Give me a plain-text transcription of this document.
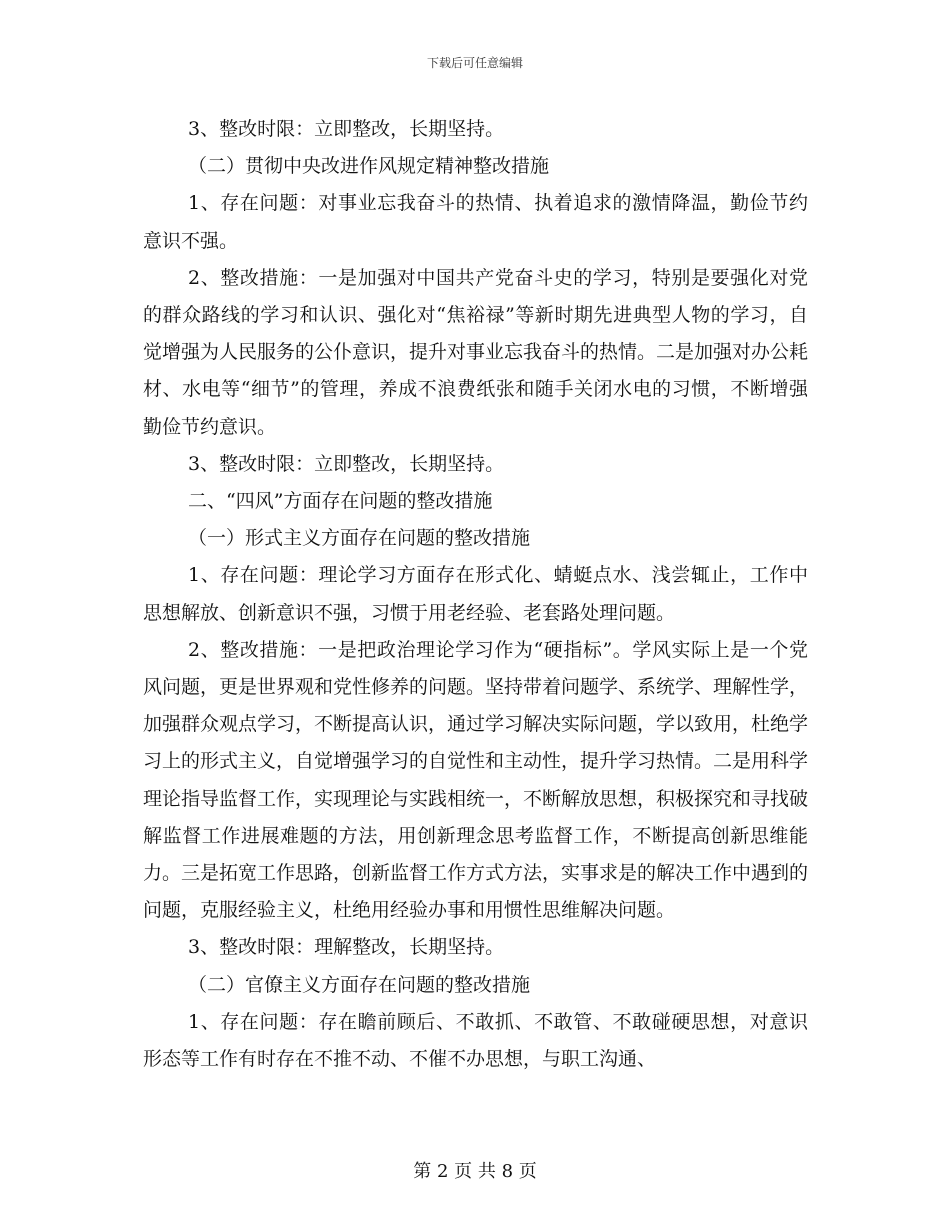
下载后可任意编辑

3、整改时限：立即整改，长期坚持。

（二）贯彻中央改进作风规定精神整改措施

1、存在问题：对事业忘我奋斗的热情、执着追求的激情降温，勤俭节约意识不强。

2、整改措施：一是加强对中国共产党奋斗史的学习，特别是要强化对党的群众路线的学习和认识、强化对“焦裕禄”等新时期先进典型人物的学习，自觉增强为人民服务的公仆意识，提升对事业忘我奋斗的热情。二是加强对办公耗材、水电等“细节”的管理，养成不浪费纸张和随手关闭水电的习惯，不断增强勤俭节约意识。

3、整改时限：立即整改，长期坚持。

二、“四风”方面存在问题的整改措施

（一）形式主义方面存在问题的整改措施

1、存在问题：理论学习方面存在形式化、蜻蜓点水、浅尝辄止，工作中思想解放、创新意识不强，习惯于用老经验、老套路处理问题。

2、整改措施：一是把政治理论学习作为“硬指标”。学风实际上是一个党风问题，更是世界观和党性修养的问题。坚持带着问题学、系统学、理解性学，加强群众观点学习，不断提高认识，通过学习解决实际问题，学以致用，杜绝学习上的形式主义，自觉增强学习的自觉性和主动性，提升学习热情。二是用科学理论指导监督工作，实现理论与实践相统一，不断解放思想，积极探究和寻找破解监督工作进展难题的方法，用创新理念思考监督工作，不断提高创新思维能力。三是拓宽工作思路，创新监督工作方式方法，实事求是的解决工作中遇到的问题，克服经验主义，杜绝用经验办事和用惯性思维解决问题。

3、整改时限：理解整改，长期坚持。

（二）官僚主义方面存在问题的整改措施

1、存在问题：存在瞻前顾后、不敢抓、不敢管、不敢碰硬思想，对意识形态等工作有时存在不推不动、不催不办思想，与职工沟通、

第 2 页 共 8 页
